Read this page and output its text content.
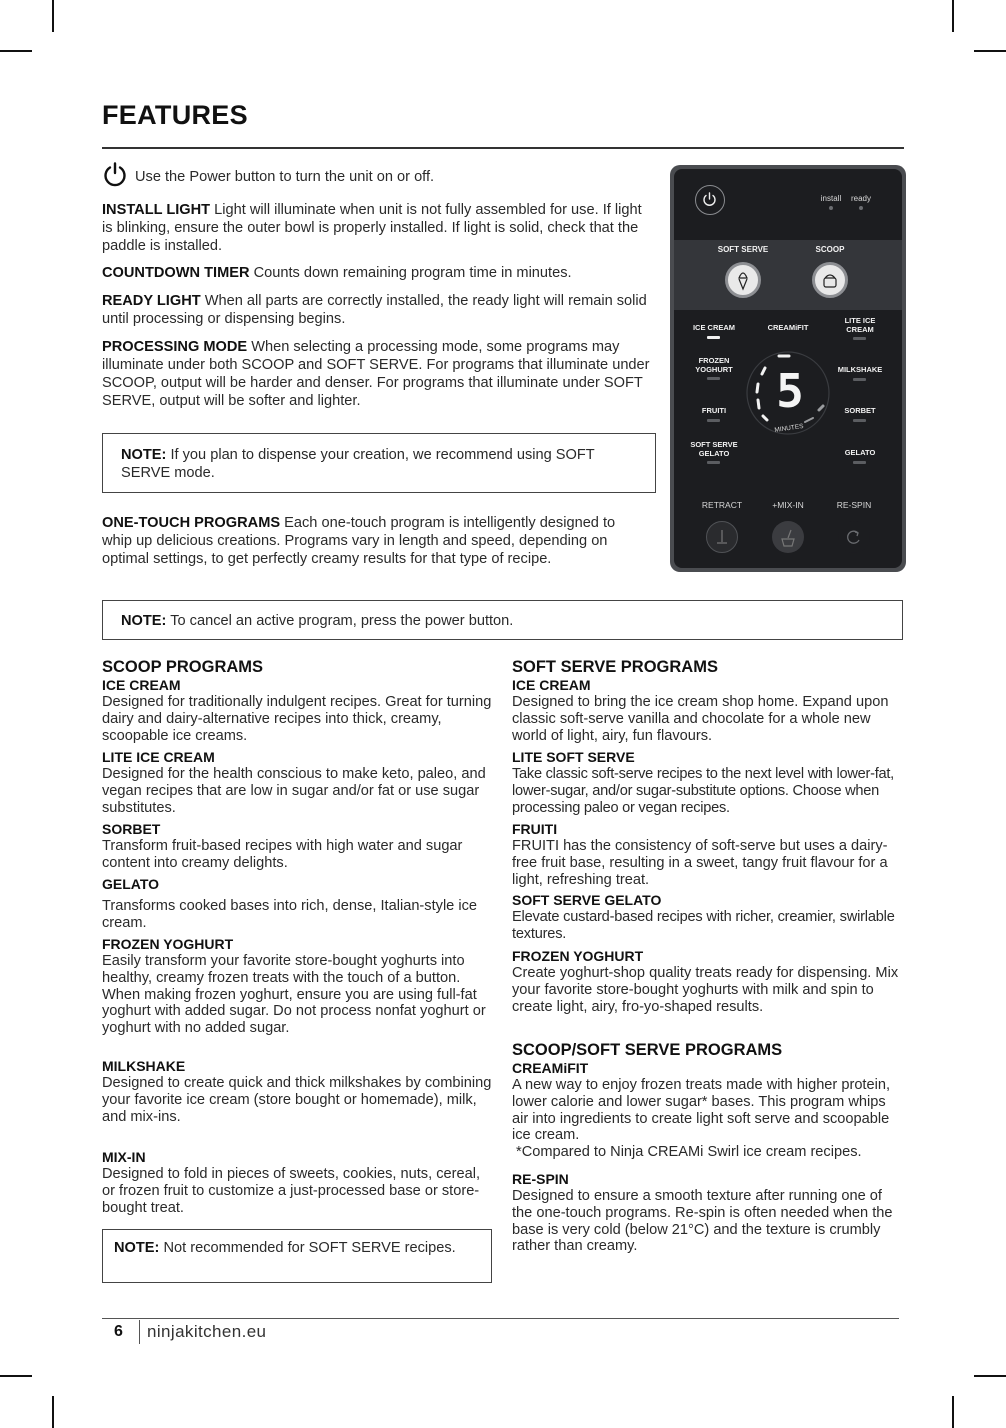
FEATURES

Use the Power button to turn the unit on or off.

INSTALL LIGHT Light will illuminate when unit is not fully assembled for use. If light is blinking, ensure the outer bowl is properly installed. If light is solid, check that the paddle is installed.

COUNTDOWN TIMER Counts down remaining program time in minutes.

READY LIGHT When all parts are correctly installed, the ready light will remain solid until processing or dispensing begins.

PROCESSING MODE When selecting a processing mode, some programs may illuminate under both SCOOP and SOFT SERVE. For programs that illuminate under SCOOP, output will be harder and denser. For programs that illuminate under SOFT SERVE, output will be softer and lighter.

NOTE: If you plan to dispense your creation, we recommend using SOFT SERVE mode.

ONE-TOUCH PROGRAMS Each one-touch program is intelligently designed to whip up delicious creations. Programs vary in length and speed, depending on optimal settings, to get perfectly creamy results for that type of recipe.

NOTE: To cancel an active program, press the power button.
install	ready
SOFT SERVE	SCOOP
ICE CREAM	CREAMiFIT
LITE ICE
CREAM
FROZEN
YOGHURT	MILKSHAKE
FRUITI	SORBET
SOFT SERVE
GELATO	GELATO
5
MINUTES
RETRACT	+MIX-IN	RE-SPIN
SCOOP PROGRAMS
ICE CREAM

Designed for traditionally indulgent recipes. Great for turning dairy and dairy-alternative recipes into thick, creamy, scoopable ice creams.

LITE ICE CREAM

Designed for the health conscious to make keto, paleo, and vegan recipes that are low in sugar and/or fat or use sugar substitutes.

SORBET

Transform fruit-based recipes with high water and sugar content into creamy delights.

GELATO

Transforms cooked bases into rich, dense, Italian-style ice cream.

FROZEN YOGHURT

Easily transform your favorite store-bought yoghurts into healthy, creamy frozen treats with the touch of a button. When making frozen yoghurt, ensure you are using full-fat yoghurt with added sugar. Do not process nonfat yoghurt or yoghurt with no added sugar.

MILKSHAKE

Designed to create quick and thick milkshakes by combining your favorite ice cream (store bought or homemade), milk, and mix-ins.

MIX-IN

Designed to fold in pieces of sweets, cookies, nuts, cereal, or frozen fruit to customize a just-processed base or store-bought treat.

NOTE: Not recommended for SOFT SERVE recipes.
SOFT SERVE PROGRAMS
ICE CREAM

Designed to bring the ice cream shop home. Expand upon classic soft-serve vanilla and chocolate for a whole new world of light, airy, fun flavours.

LITE SOFT SERVE

Take classic soft-serve recipes to the next level with lower-fat, lower-sugar, and/or sugar-substitute options. Choose when processing paleo or vegan recipes.

FRUITI

FRUITI has the consistency of soft-serve but uses a dairy-free fruit base, resulting in a sweet, tangy fruit flavour for a light, refreshing treat.

SOFT SERVE GELATO

Elevate custard-based recipes with richer, creamier, swirlable textures.

FROZEN YOGHURT

Create yoghurt-shop quality treats ready for dispensing. Mix your favorite store-bought yoghurts with milk and spin to create light, airy, fro-yo-shaped results.

SCOOP/SOFT SERVE PROGRAMS
CREAMiFIT

A new way to enjoy frozen treats made with higher protein, lower calorie and lower sugar* bases. This program whips air into ingredients to create light soft serve and scoopable ice cream.

*Compared to Ninja CREAMi Swirl ice cream recipes.

RE-SPIN

Designed to ensure a smooth texture after running one of the one-touch programs. Re-spin is often needed when the base is very cold (below 21°C) and the texture is crumbly rather than creamy.

6 ninjakitchen.eu
